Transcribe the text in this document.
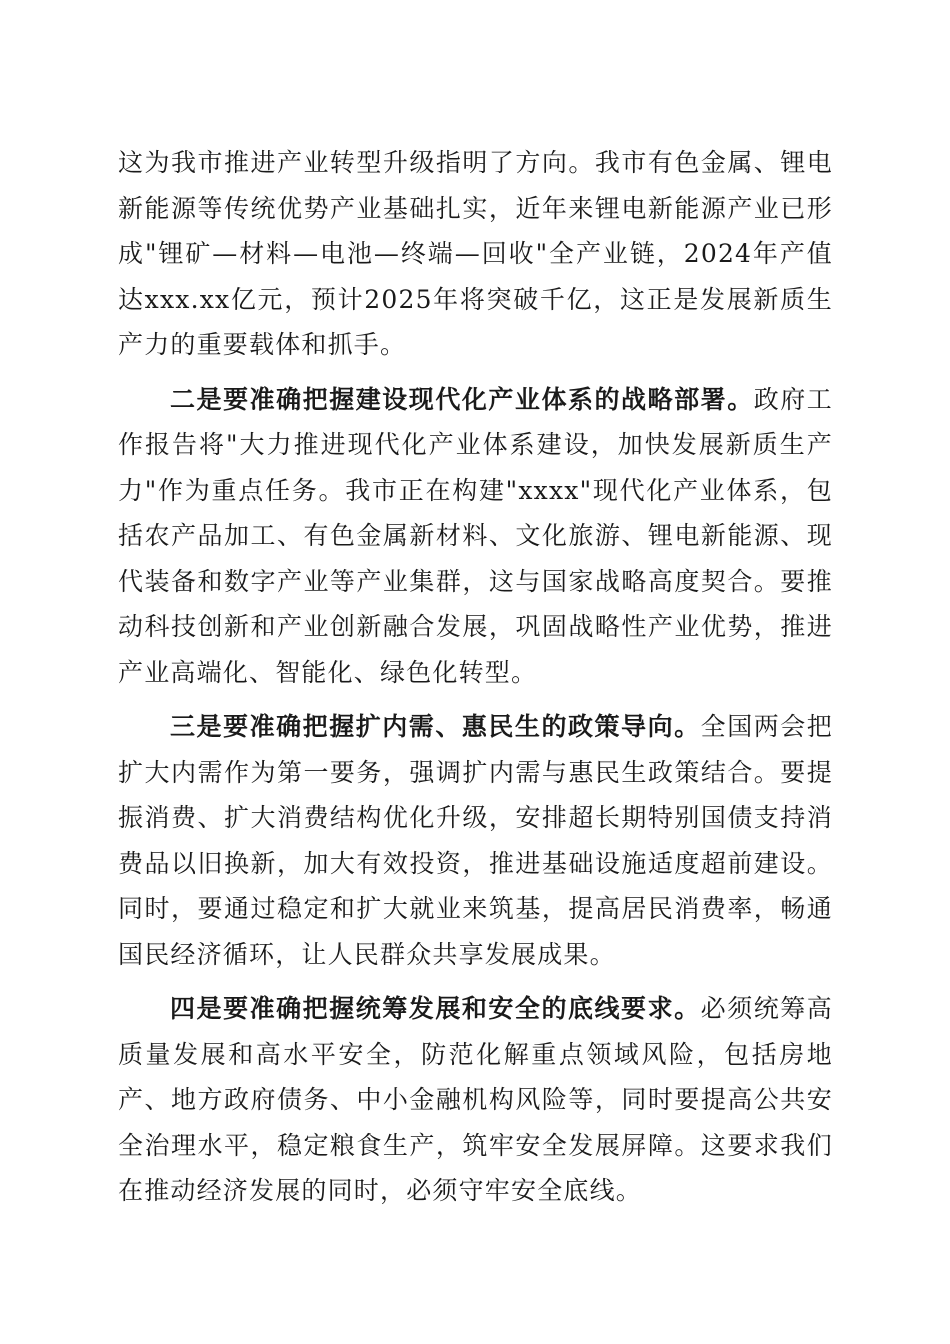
这为我市推进产业转型升级指明了方向。我市有色金属、锂电新能源等传统优势产业基础扎实，近年来锂电新能源产业已形成"锂矿—材料—电池—终端—回收"全产业链，2024年产值达xxx.xx亿元，预计2025年将突破千亿，这正是发展新质生产力的重要载体和抓手。

二是要准确把握建设现代化产业体系的战略部署。政府工作报告将"大力推进现代化产业体系建设，加快发展新质生产力"作为重点任务。我市正在构建"xxxx"现代化产业体系，包括农产品加工、有色金属新材料、文化旅游、锂电新能源、现代装备和数字产业等产业集群，这与国家战略高度契合。要推动科技创新和产业创新融合发展，巩固战略性产业优势，推进产业高端化、智能化、绿色化转型。

三是要准确把握扩内需、惠民生的政策导向。全国两会把扩大内需作为第一要务，强调扩内需与惠民生政策结合。要提振消费、扩大消费结构优化升级，安排超长期特别国债支持消费品以旧换新，加大有效投资，推进基础设施适度超前建设。同时，要通过稳定和扩大就业来筑基，提高居民消费率，畅通国民经济循环，让人民群众共享发展成果。

四是要准确把握统筹发展和安全的底线要求。必须统筹高质量发展和高水平安全，防范化解重点领域风险，包括房地产、地方政府债务、中小金融机构风险等，同时要提高公共安全治理水平，稳定粮食生产，筑牢安全发展屏障。这要求我们在推动经济发展的同时，必须守牢安全底线。
